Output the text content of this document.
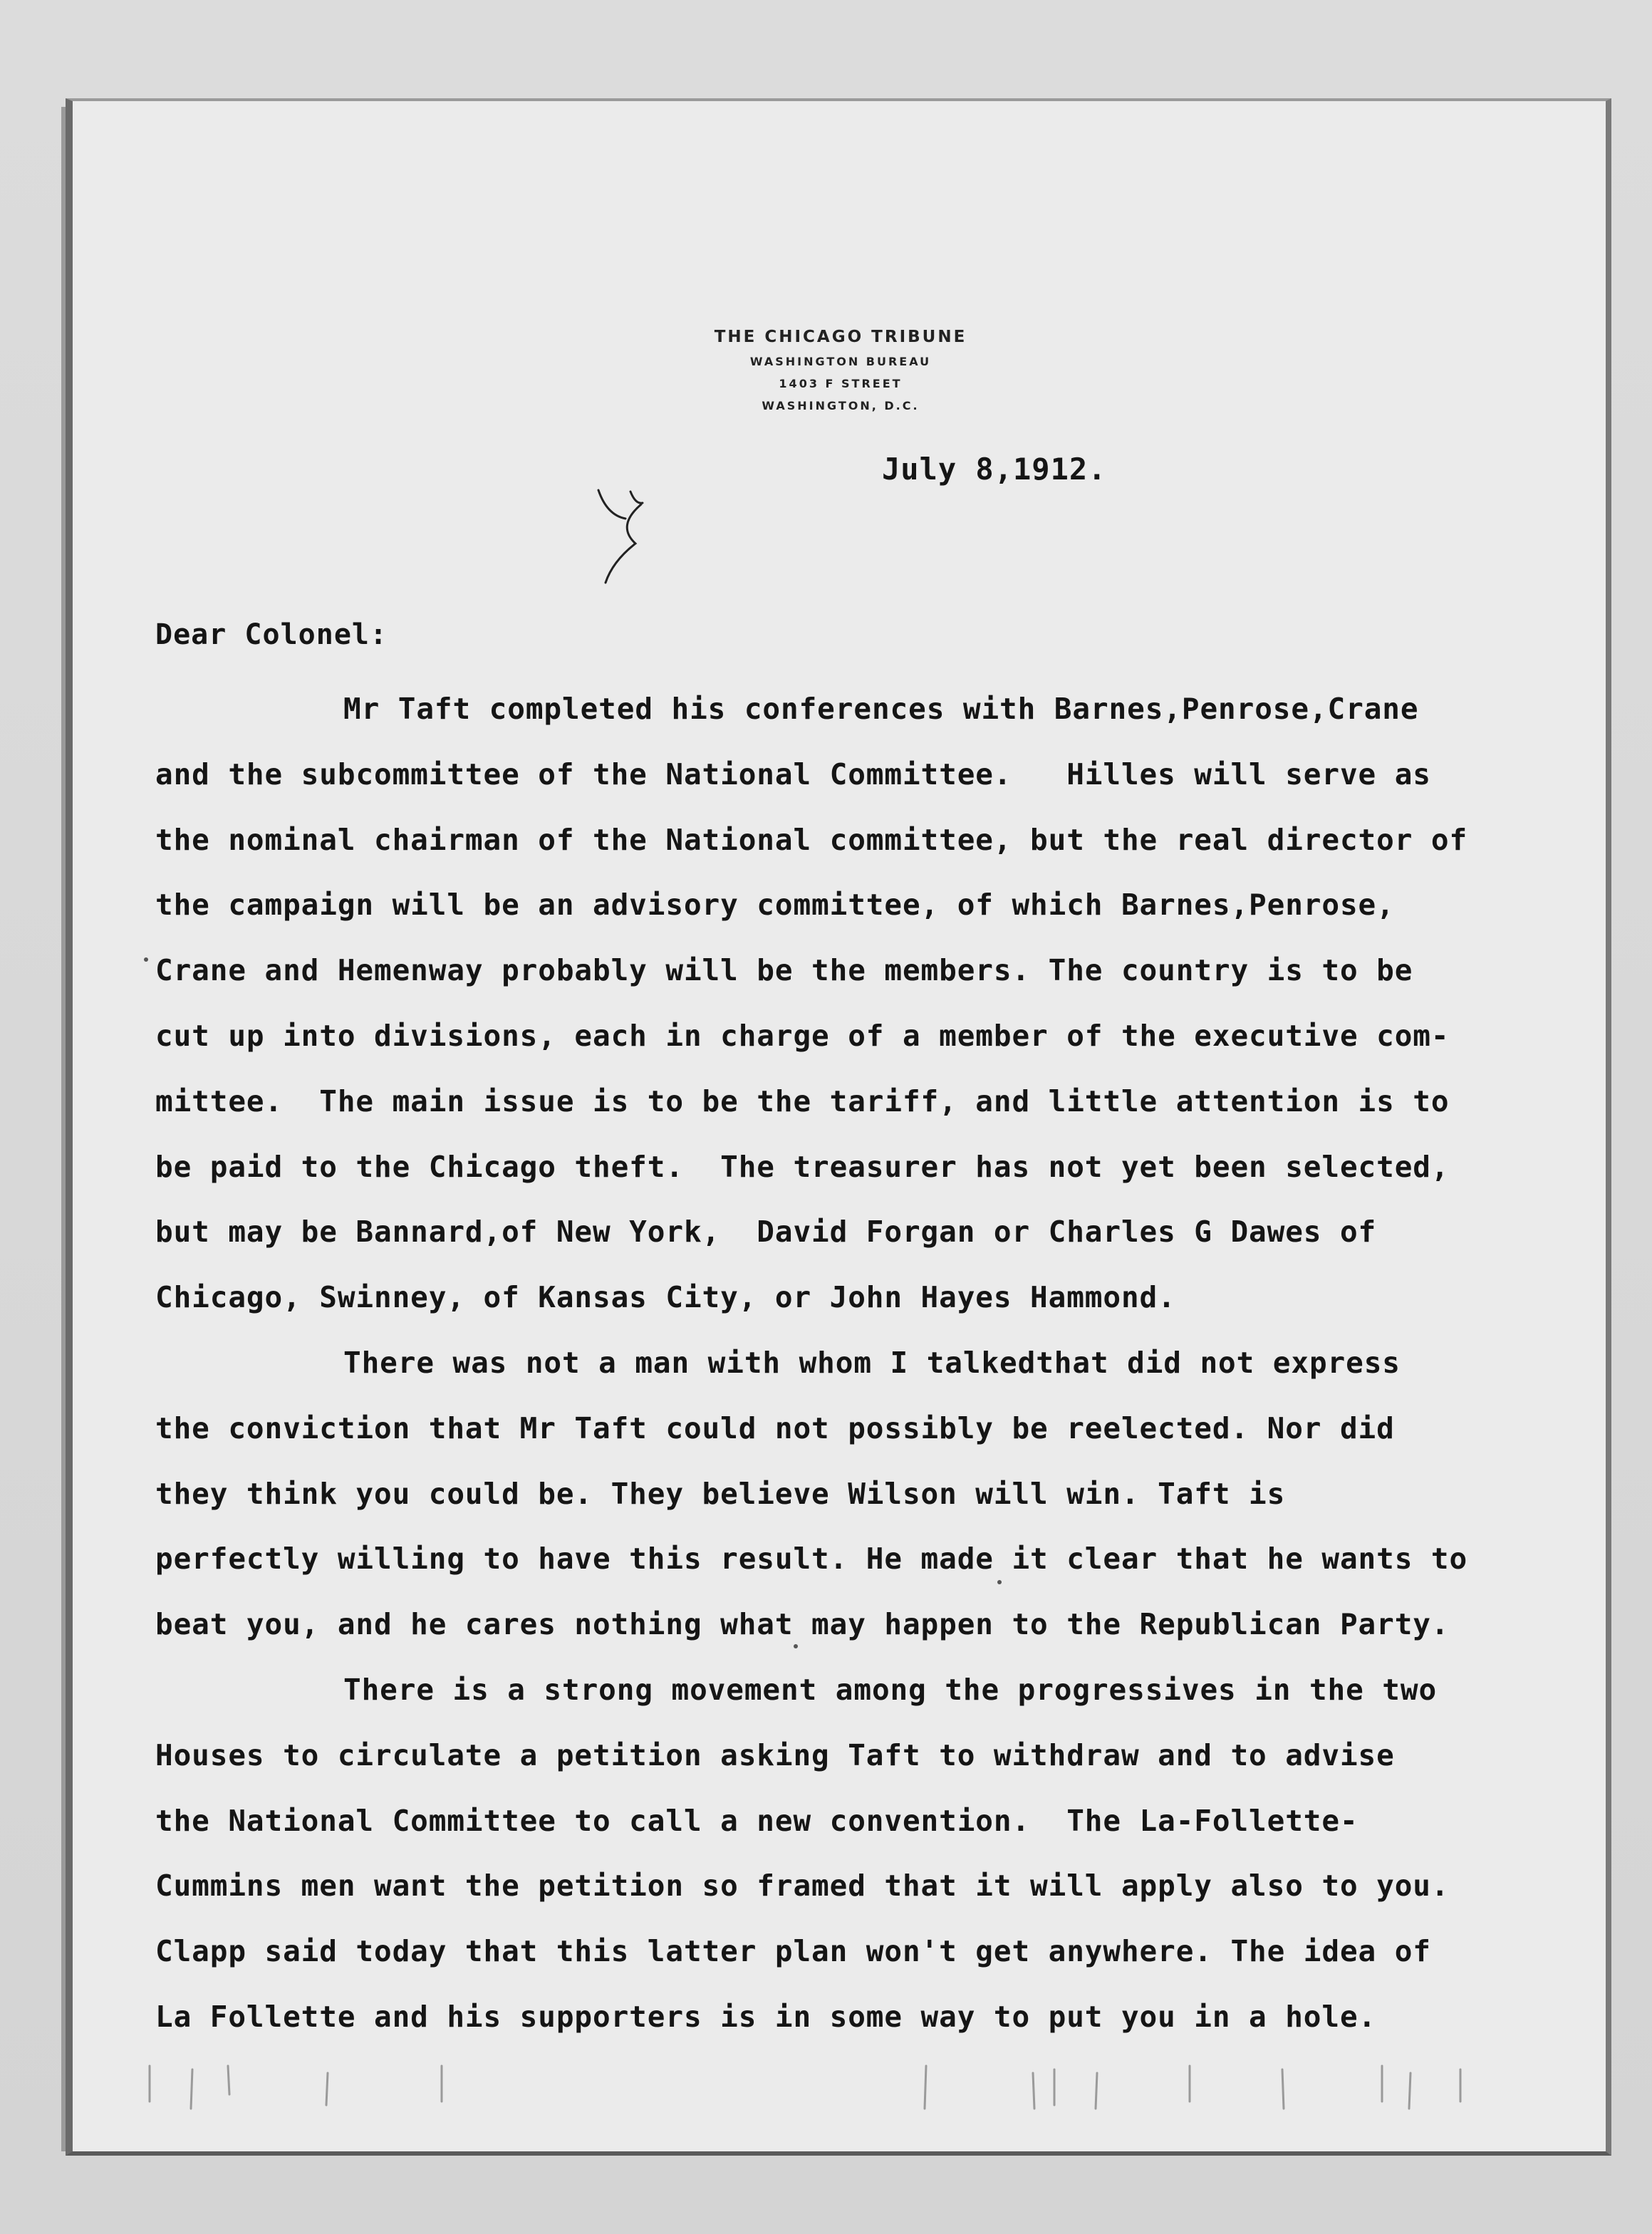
THE CHICAGO TRIBUNE
WASHINGTON BUREAU
1403 F STREET
WASHINGTON, D.C.
July 8,1912.
Dear Colonel:
Mr Taft completed his conferences with Barnes,Penrose,Crane
and the subcommittee of the National Committee.   Hilles will serve as
the nominal chairman of the National committee, but the real director of
the campaign will be an advisory committee, of which Barnes,Penrose,
Crane and Hemenway probably will be the members. The country is to be
cut up into divisions, each in charge of a member of the executive com-
mittee.  The main issue is to be the tariff, and little attention is to
be paid to the Chicago theft.  The treasurer has not yet been selected,
but may be Bannard,of New York,  David Forgan or Charles G Dawes of
Chicago, Swinney, of Kansas City, or John Hayes Hammond.
There was not a man with whom I talkedthat did not express
the conviction that Mr Taft could not possibly be reelected. Nor did
they think you could be. They believe Wilson will win. Taft is
perfectly willing to have this result. He made it clear that he wants to
beat you, and he cares nothing what may happen to the Republican Party.
There is a strong movement among the progressives in the two
Houses to circulate a petition asking Taft to withdraw and to advise
the National Committee to call a new convention.  The La-Follette-
Cummins men want the petition so framed that it will apply also to you.
Clapp said today that this latter plan won't get anywhere. The idea of
La Follette and his supporters is in some way to put you in a hole.
